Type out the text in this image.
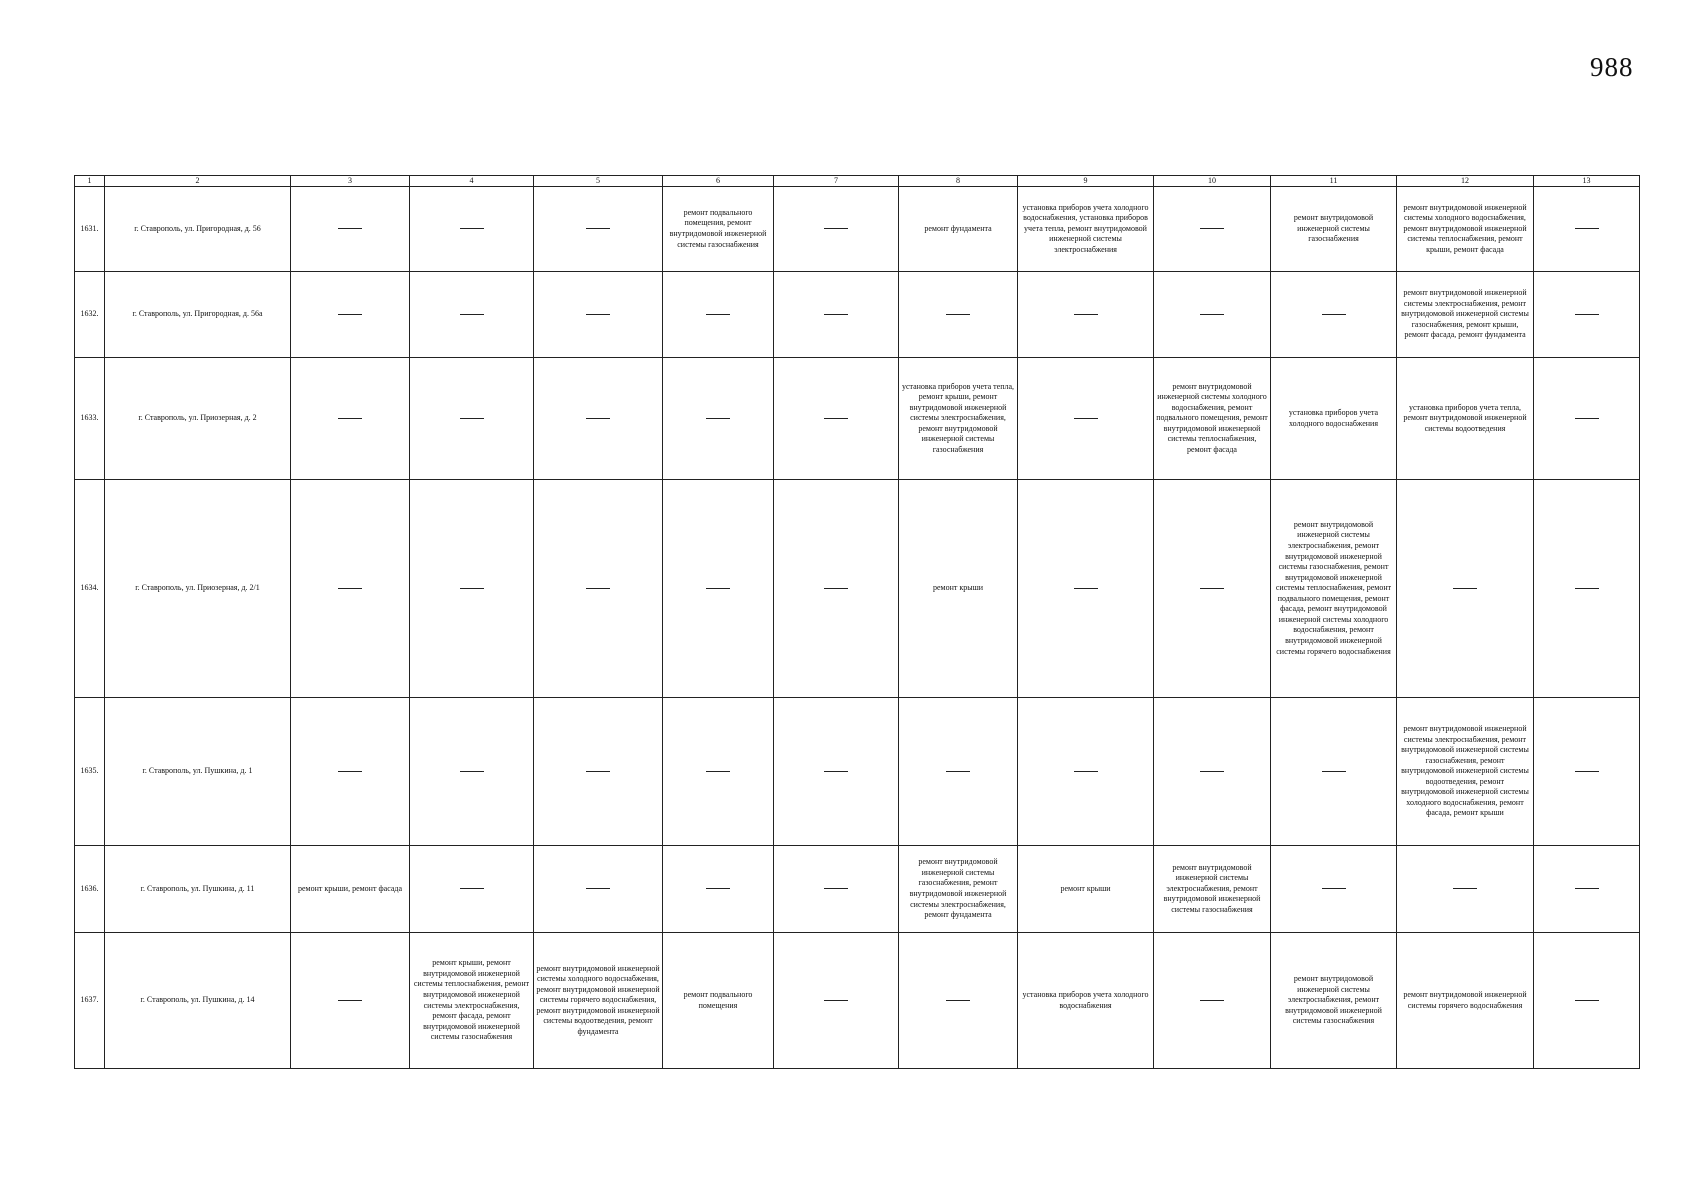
988
1	2	3	4	5	6	7	8	9	10	11	12	13
1631.	г. Ставрополь, ул. Пригородная, д. 56				ремонт подвального помещения, ремонт внутридомовой инженерной системы газоснабжения		ремонт фундамента	установка приборов учета холодного водоснабжения, установка приборов учета тепла, ремонт внутридомовой инженерной системы электроснабжения		ремонт внутридомовой инженерной системы газоснабжения	ремонт внутридомовой инженерной системы холодного водоснабжения, ремонт внутридомовой инженерной системы теплоснабжения, ремонт крыши, ремонт фасада	
1632.	г. Ставрополь, ул. Пригородная, д. 56а										ремонт внутридомовой инженерной системы электроснабжения, ремонт внутридомовой инженерной системы газоснабжения, ремонт крыши, ремонт фасада, ремонт фундамента	
1633.	г. Ставрополь, ул. Приозерная, д. 2						установка приборов учета тепла, ремонт крыши, ремонт внутридомовой инженерной системы электроснабжения, ремонт внутридомовой инженерной системы газоснабжения		ремонт внутридомовой инженерной системы холодного водоснабжения, ремонт подвального помещения, ремонт внутридомовой инженерной системы теплоснабжения, ремонт фасада	установка приборов учета холодного водоснабжения	установка приборов учета тепла, ремонт внутридомовой инженерной системы водоотведения	
1634.	г. Ставрополь, ул. Приозерная, д. 2/1						ремонт крыши			ремонт внутридомовой инженерной системы электроснабжения, ремонт внутридомовой инженерной системы газоснабжения, ремонт внутридомовой инженерной системы теплоснабжения, ремонт подвального помещения, ремонт фасада, ремонт внутридомовой инженерной системы холодного водоснабжения, ремонт внутридомовой инженерной системы горячего водоснабжения		
1635.	г. Ставрополь, ул. Пушкина, д. 1										ремонт внутридомовой инженерной системы электроснабжения, ремонт внутридомовой инженерной системы газоснабжения, ремонт внутридомовой инженерной системы водоотведения, ремонт внутридомовой инженерной системы холодного водоснабжения, ремонт фасада, ремонт крыши	
1636.	г. Ставрополь, ул. Пушкина, д. 11	ремонт крыши, ремонт фасада					ремонт внутридомовой инженерной системы газоснабжения, ремонт внутридомовой инженерной системы электроснабжения, ремонт фундамента	ремонт крыши	ремонт внутридомовой инженерной системы электроснабжения, ремонт внутридомовой инженерной системы газоснабжения			
1637.	г. Ставрополь, ул. Пушкина, д. 14		ремонт крыши, ремонт внутридомовой инженерной системы теплоснабжения, ремонт внутридомовой инженерной системы электроснабжения, ремонт фасада, ремонт внутридомовой инженерной системы газоснабжения	ремонт внутридомовой инженерной системы холодного водоснабжения, ремонт внутридомовой инженерной системы горячего водоснабжения, ремонт внутридомовой инженерной системы водоотведения, ремонт фундамента	ремонт подвального помещения			установка приборов учета холодного водоснабжения		ремонт внутридомовой инженерной системы электроснабжения, ремонт внутридомовой инженерной системы газоснабжения	ремонт внутридомовой инженерной системы горячего водоснабжения	
